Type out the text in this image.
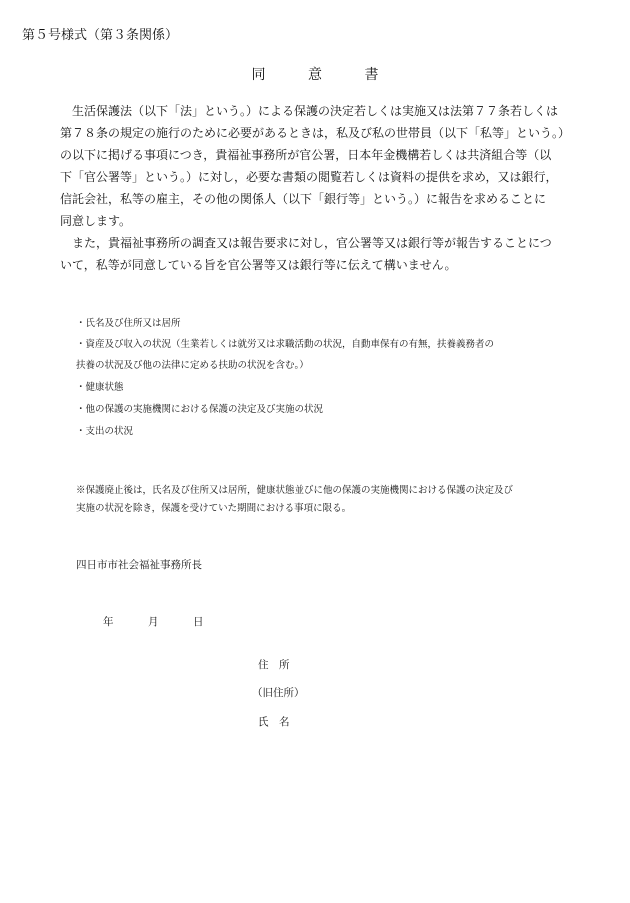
第５号様式（第３条関係）
同	意	書
生活保護法（以下「法」という。）による保護の決定若しくは実施又は法第７７条若しくは
第７８条の規定の施行のために必要があるときは，私及び私の世帯員（以下「私等」という。）
の以下に掲げる事項につき，貴福祉事務所が官公署，日本年金機構若しくは共済組合等（以
下「官公署等」という。）に対し，必要な書類の閲覧若しくは資料の提供を求め，又は銀行，
信託会社，私等の雇主，その他の関係人（以下「銀行等」という。）に報告を求めることに
同意します。
また，貴福祉事務所の調査又は報告要求に対し，官公署等又は銀行等が報告することにつ
いて，私等が同意している旨を官公署等又は銀行等に伝えて構いません。
・氏名及び住所又は居所
・資産及び収入の状況（生業若しくは就労又は求職活動の状況，自動車保有の有無，扶養義務者の
扶養の状況及び他の法律に定める扶助の状況を含む。）
・健康状態
・他の保護の実施機関における保護の決定及び実施の状況
・支出の状況
※保護廃止後は，氏名及び住所又は居所，健康状態並びに他の保護の実施機関における保護の決定及び
実施の状況を除き，保護を受けていた期間における事項に限る。
四日市市社会福祉事務所長
年	月	日
住　所
（旧住所）
氏　名
